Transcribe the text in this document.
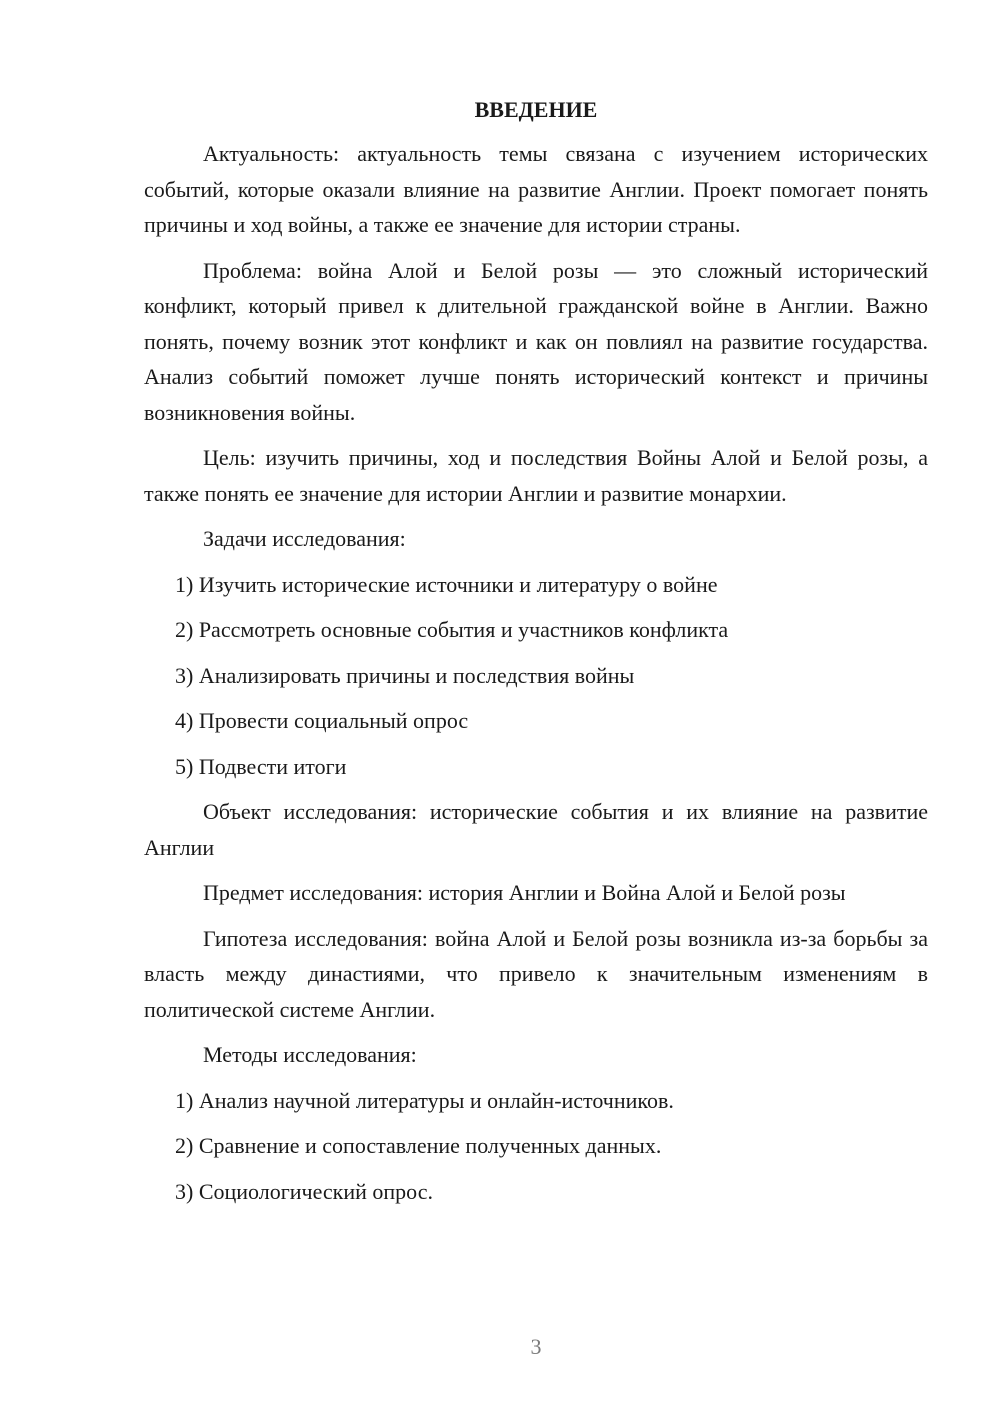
ВВЕДЕНИЕ
Актуальность: актуальность темы связана с изучением исторических событий, которые оказали влияние на развитие Англии. Проект помогает понять причины и ход войны, а также ее значение для истории страны.
Проблема: война Алой и Белой розы — это сложный исторический конфликт, который привел к длительной гражданской войне в Англии. Важно понять, почему возник этот конфликт и как он повлиял на развитие государства. Анализ событий поможет лучше понять исторический контекст и причины возникновения войны.
Цель: изучить причины, ход и последствия Войны Алой и Белой розы, а также понять ее значение для истории Англии и развитие монархии.
Задачи исследования:
1) Изучить исторические источники и литературу о войне
2) Рассмотреть основные события и участников конфликта
3) Анализировать причины и последствия войны
4) Провести социальный опрос
5) Подвести итоги
Объект исследования: исторические события и их влияние на развитие Англии
Предмет исследования: история Англии и Война Алой и Белой розы
Гипотеза исследования: война Алой и Белой розы возникла из-за борьбы за власть между династиями, что привело к значительным изменениям в политической системе Англии.
Методы исследования:
1) Анализ научной литературы и онлайн-источников.
2) Сравнение и сопоставление полученных данных.
3) Социологический опрос.
3
